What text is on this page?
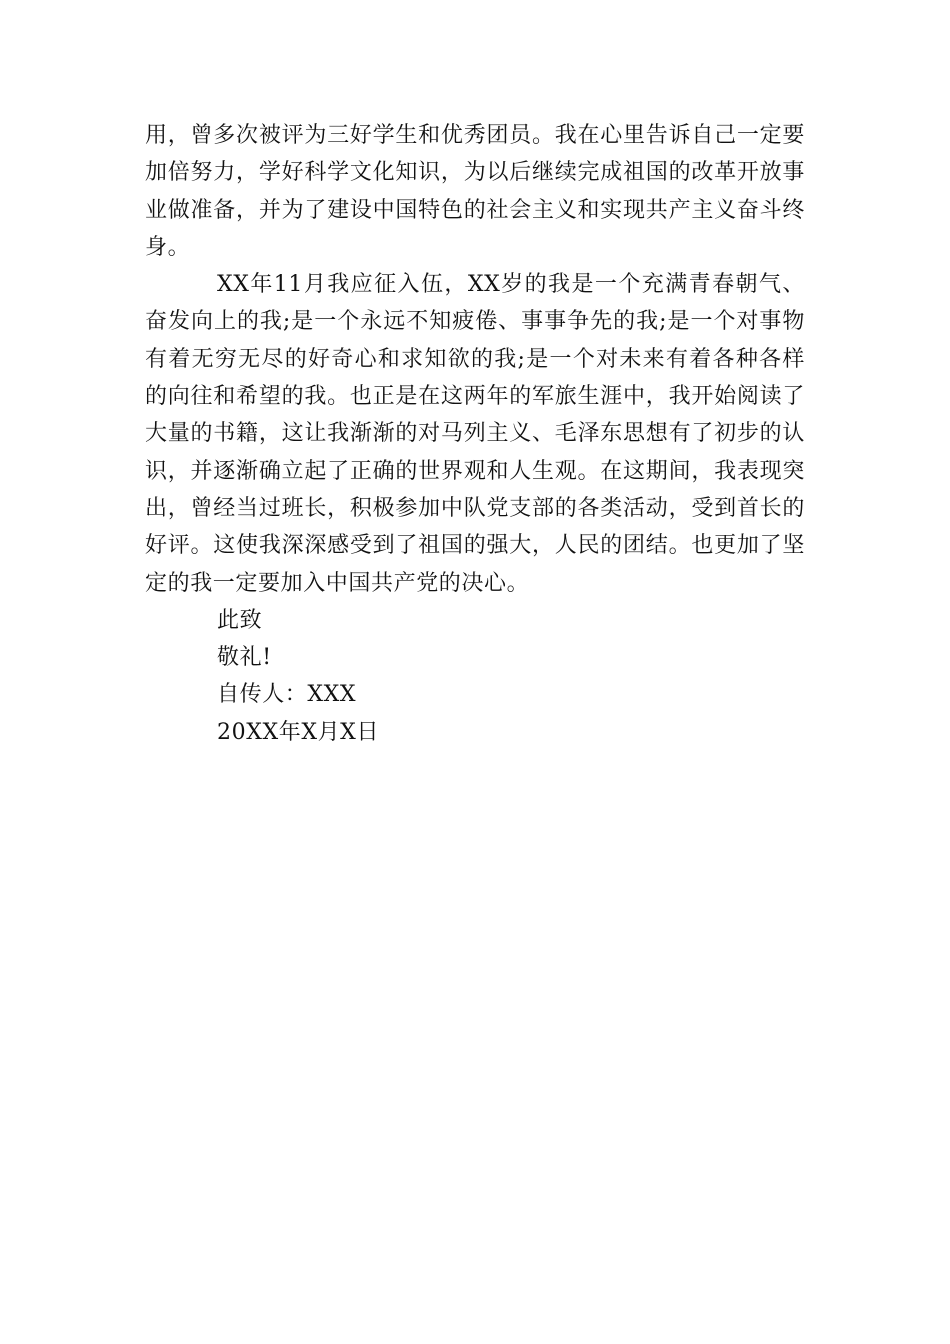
用，曾多次被评为三好学生和优秀团员。我在心里告诉自己一定要加倍努力，学好科学文化知识，为以后继续完成祖国的改革开放事业做准备，并为了建设中国特色的社会主义和实现共产主义奋斗终身。

XX年11月我应征入伍，XX岁的我是一个充满青春朝气、奋发向上的我;是一个永远不知疲倦、事事争先的我;是一个对事物有着无穷无尽的好奇心和求知欲的我;是一个对未来有着各种各样的向往和希望的我。也正是在这两年的军旅生涯中，我开始阅读了大量的书籍，这让我渐渐的对马列主义、毛泽东思想有了初步的认识，并逐渐确立起了正确的世界观和人生观。在这期间，我表现突出，曾经当过班长，积极参加中队党支部的各类活动，受到首长的好评。这使我深深感受到了祖国的强大，人民的团结。也更加了坚定的我一定要加入中国共产党的决心。

此致

敬礼!

自传人：XXX

20XX年X月X日
